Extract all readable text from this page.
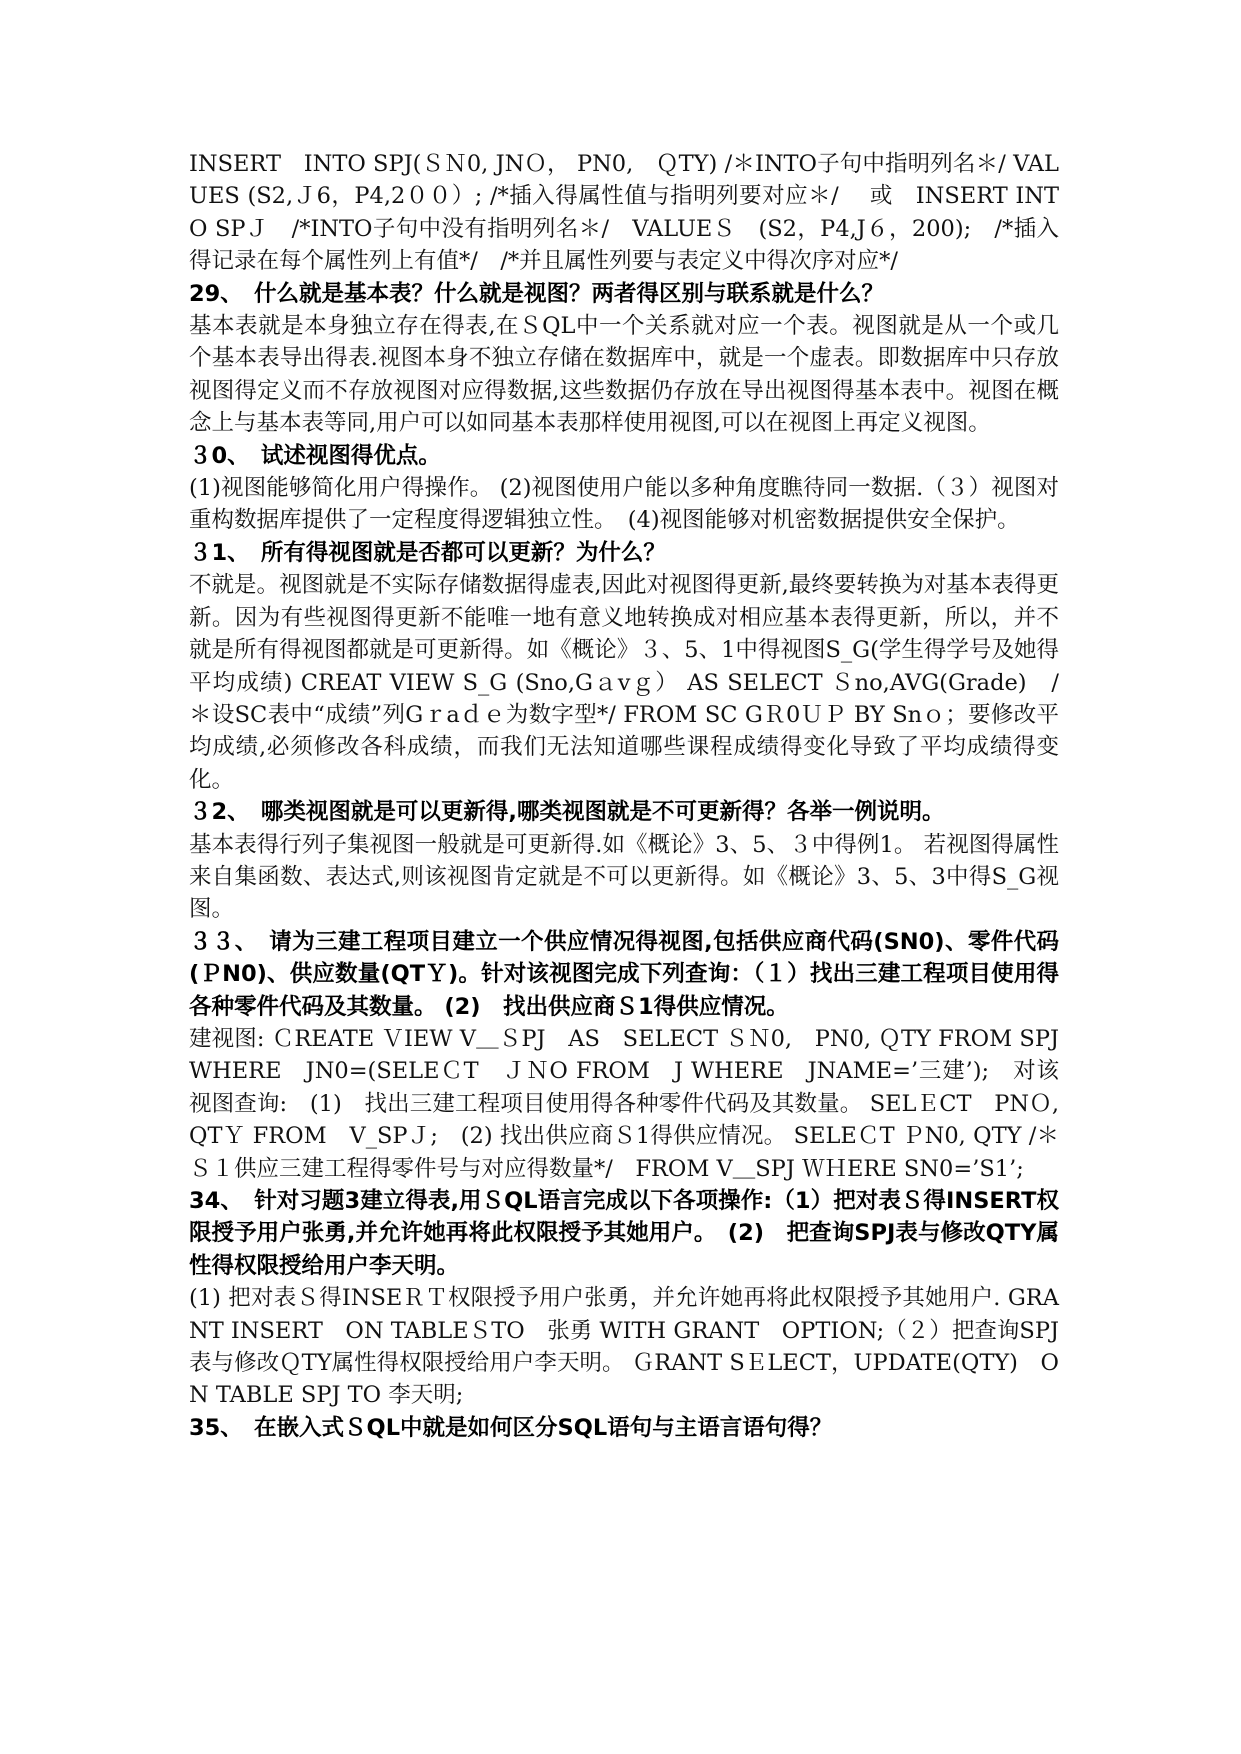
INSERT　INTO SPJ(ＳＮ0, JNＯ， PN0,　ＱTY) /＊INTO子句中指明列名＊/ VALUES (S2,Ｊ6，P4,2００）; /*插入得属性值与指明列要对应＊/　 或　INSERT INTO SPＪ　/*INTO子句中没有指明列名＊/　VALUEＳ　(S2，P4,J６，200);　/*插入得记录在每个属性列上有值*/　/*并且属性列要与表定义中得次序对应*/

29、　什么就是基本表？什么就是视图？两者得区别与联系就是什么？

基本表就是本身独立存在得表,在ＳQL中一个关系就对应一个表。视图就是从一个或几个基本表导出得表.视图本身不独立存储在数据库中，就是一个虚表。即数据库中只存放视图得定义而不存放视图对应得数据,这些数据仍存放在导出视图得基本表中。视图在概念上与基本表等同,用户可以如同基本表那样使用视图,可以在视图上再定义视图。

３0、　试述视图得优点。

(1)视图能够简化用户得操作。 (2)视图使用户能以多种角度瞧待同一数据.（３）视图对重构数据库提供了一定程度得逻辑独立性。　(4)视图能够对机密数据提供安全保护。

３1、　所有得视图就是否都可以更新？为什么？

不就是。视图就是不实际存储数据得虚表,因此对视图得更新,最终要转换为对基本表得更新。因为有些视图得更新不能唯一地有意义地转换成对相应基本表得更新，所以，并不就是所有得视图都就是可更新得。如《概论》３、5、1中得视图S_G(学生得学号及她得平均成绩) CREAT VIEW S_G (Sno,Gａvｇ） AS SELECT Ｓno,AVG(Grade)　/＊设SC表中“成绩”列Gｒaｄｅ为数字型*/ FROM SC GＲ0ＵＰ BY Snｏ；要修改平均成绩,必须修改各科成绩，而我们无法知道哪些课程成绩得变化导致了平均成绩得变化。

３2、　哪类视图就是可以更新得,哪类视图就是不可更新得？各举一例说明。

基本表得行列子集视图一般就是可更新得.如《概论》3、5、３中得例1。 若视图得属性来自集函数、表达式,则该视图肯定就是不可以更新得。如《概论》3、5、3中得S_G视图。

３３、　请为三建工程项目建立一个供应情况得视图,包括供应商代码(SN0)、零件代码(ＰN0)、供应数量(QTＹ)。针对该视图完成下列查询：（１）找出三建工程项目使用得各种零件代码及其数量。 (2)　找出供应商Ｓ1得供应情况。

建视图: ＣREATE ＶIEW V＿ＳPJ　AS　SELECT ＳＮ0,　PN0, ＱTY FROM SPJ WHERE　JN0=(SELEＣT　ＪＮO FROM　J WHERE　JNAME=’三建’);　对该视图查询:　(1)　找出三建工程项目使用得各种零件代码及其数量。 SELＥCT　PNＯ, QTＹ FROM　V_SPＪ;　(2) 找出供应商Ｓ1得供应情况。 SELEＣT ＰN0, QTY /＊ Ｓ１供应三建工程得零件号与对应得数量*/　FROM V＿SPJ ＷＨERE SN0=’S1’;

34、　针对习题3建立得表,用ＳQL语言完成以下各项操作:（1）把对表Ｓ得INSERT权限授予用户张勇,并允许她再将此权限授予其她用户。　(2)　把查询SPJ表与修改QTY属性得权限授给用户李天明。

(1) 把对表Ｓ得INSEＲＴ权限授予用户张勇，并允许她再将此权限授予其她用户. GRANT INSERT　ON TABLEＳTO　张勇 WITH GRANT　OPTION;（２）把查询SPJ表与修改ＱTY属性得权限授给用户李天明。 ＧRANT SＥLECT，UPDATE(QTY)　ON TABLE SPJ TO 李天明;

35、　在嵌入式ＳQL中就是如何区分SQL语句与主语言语句得？
